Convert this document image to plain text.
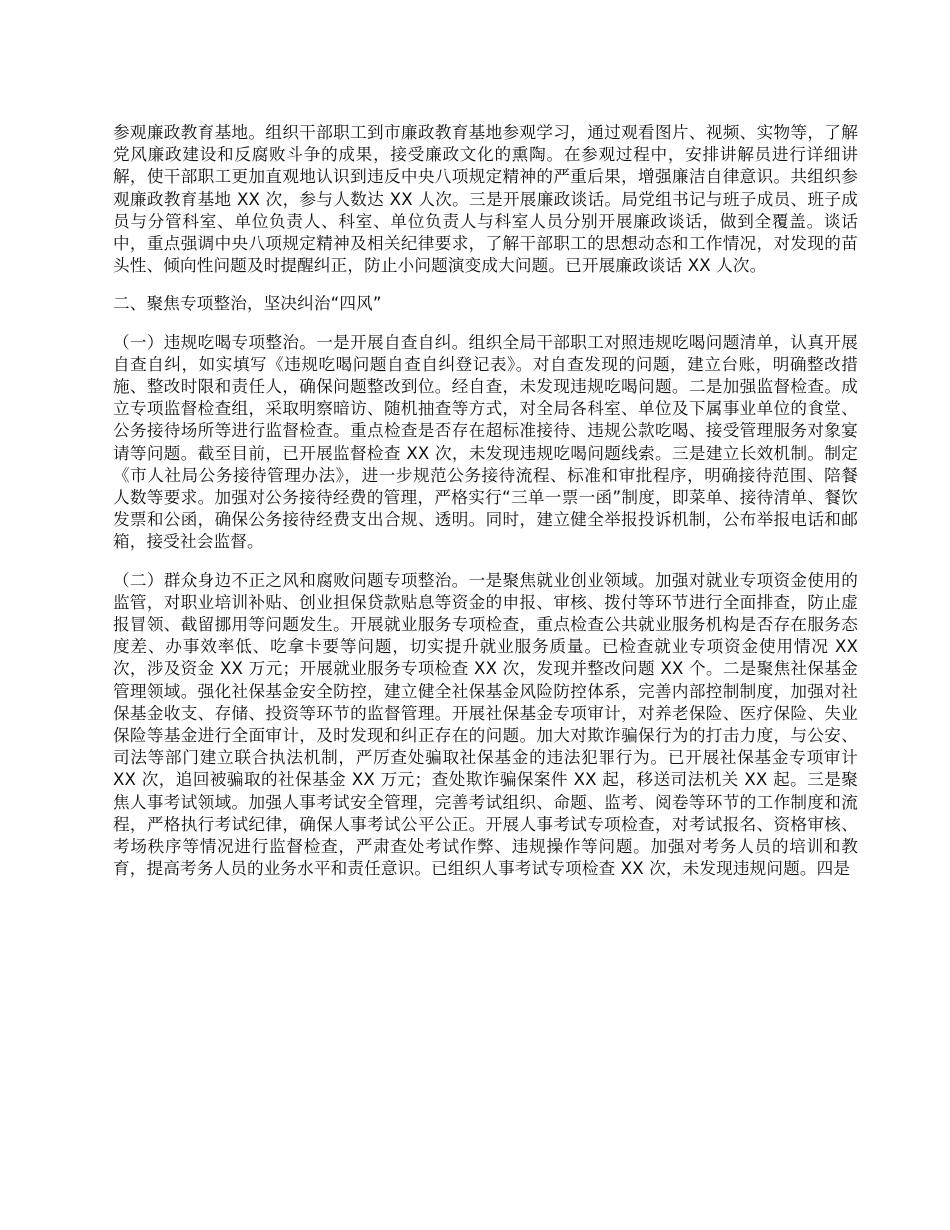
参观廉政教育基地。组织干部职工到市廉政教育基地参观学习，通过观看图片、视频、实物等，了解党风廉政建设和反腐败斗争的成果，接受廉政文化的熏陶。在参观过程中，安排讲解员进行详细讲解，使干部职工更加直观地认识到违反中央八项规定精神的严重后果，增强廉洁自律意识。共组织参观廉政教育基地 XX 次，参与人数达 XX 人次。三是开展廉政谈话。局党组书记与班子成员、班子成员与分管科室、单位负责人、科室、单位负责人与科室人员分别开展廉政谈话，做到全覆盖。谈话中，重点强调中央八项规定精神及相关纪律要求，了解干部职工的思想动态和工作情况，对发现的苗头性、倾向性问题及时提醒纠正，防止小问题演变成大问题。已开展廉政谈话 XX 人次。

二、聚焦专项整治，坚决纠治“四风”

（一）违规吃喝专项整治。一是开展自查自纠。组织全局干部职工对照违规吃喝问题清单，认真开展自查自纠，如实填写《违规吃喝问题自查自纠登记表》。对自查发现的问题，建立台账，明确整改措施、整改时限和责任人，确保问题整改到位。经自查，未发现违规吃喝问题。二是加强监督检查。成立专项监督检查组，采取明察暗访、随机抽查等方式，对全局各科室、单位及下属事业单位的食堂、公务接待场所等进行监督检查。重点检查是否存在超标准接待、违规公款吃喝、接受管理服务对象宴请等问题。截至目前，已开展监督检查 XX 次，未发现违规吃喝问题线索。三是建立长效机制。制定《市人社局公务接待管理办法》，进一步规范公务接待流程、标准和审批程序，明确接待范围、陪餐人数等要求。加强对公务接待经费的管理，严格实行“三单一票一函”制度，即菜单、接待清单、餐饮发票和公函，确保公务接待经费支出合规、透明。同时，建立健全举报投诉机制，公布举报电话和邮箱，接受社会监督。

（二）群众身边不正之风和腐败问题专项整治。一是聚焦就业创业领域。加强对就业专项资金使用的监管，对职业培训补贴、创业担保贷款贴息等资金的申报、审核、拨付等环节进行全面排查，防止虚报冒领、截留挪用等问题发生。开展就业服务专项检查，重点检查公共就业服务机构是否存在服务态度差、办事效率低、吃拿卡要等问题，切实提升就业服务质量。已检查就业专项资金使用情况 XX 次，涉及资金 XX 万元；开展就业服务专项检查 XX 次，发现并整改问题 XX 个。二是聚焦社保基金管理领域。强化社保基金安全防控，建立健全社保基金风险防控体系，完善内部控制制度，加强对社保基金收支、存储、投资等环节的监督管理。开展社保基金专项审计，对养老保险、医疗保险、失业保险等基金进行全面审计，及时发现和纠正存在的问题。加大对欺诈骗保行为的打击力度，与公安、司法等部门建立联合执法机制，严厉查处骗取社保基金的违法犯罪行为。已开展社保基金专项审计 XX 次，追回被骗取的社保基金 XX 万元；查处欺诈骗保案件 XX 起，移送司法机关 XX 起。三是聚焦人事考试领域。加强人事考试安全管理，完善考试组织、命题、监考、阅卷等环节的工作制度和流程，严格执行考试纪律，确保人事考试公平公正。开展人事考试专项检查，对考试报名、资格审核、考场秩序等情况进行监督检查，严肃查处考试作弊、违规操作等问题。加强对考务人员的培训和教育，提高考务人员的业务水平和责任意识。已组织人事考试专项检查 XX 次，未发现违规问题。四是
